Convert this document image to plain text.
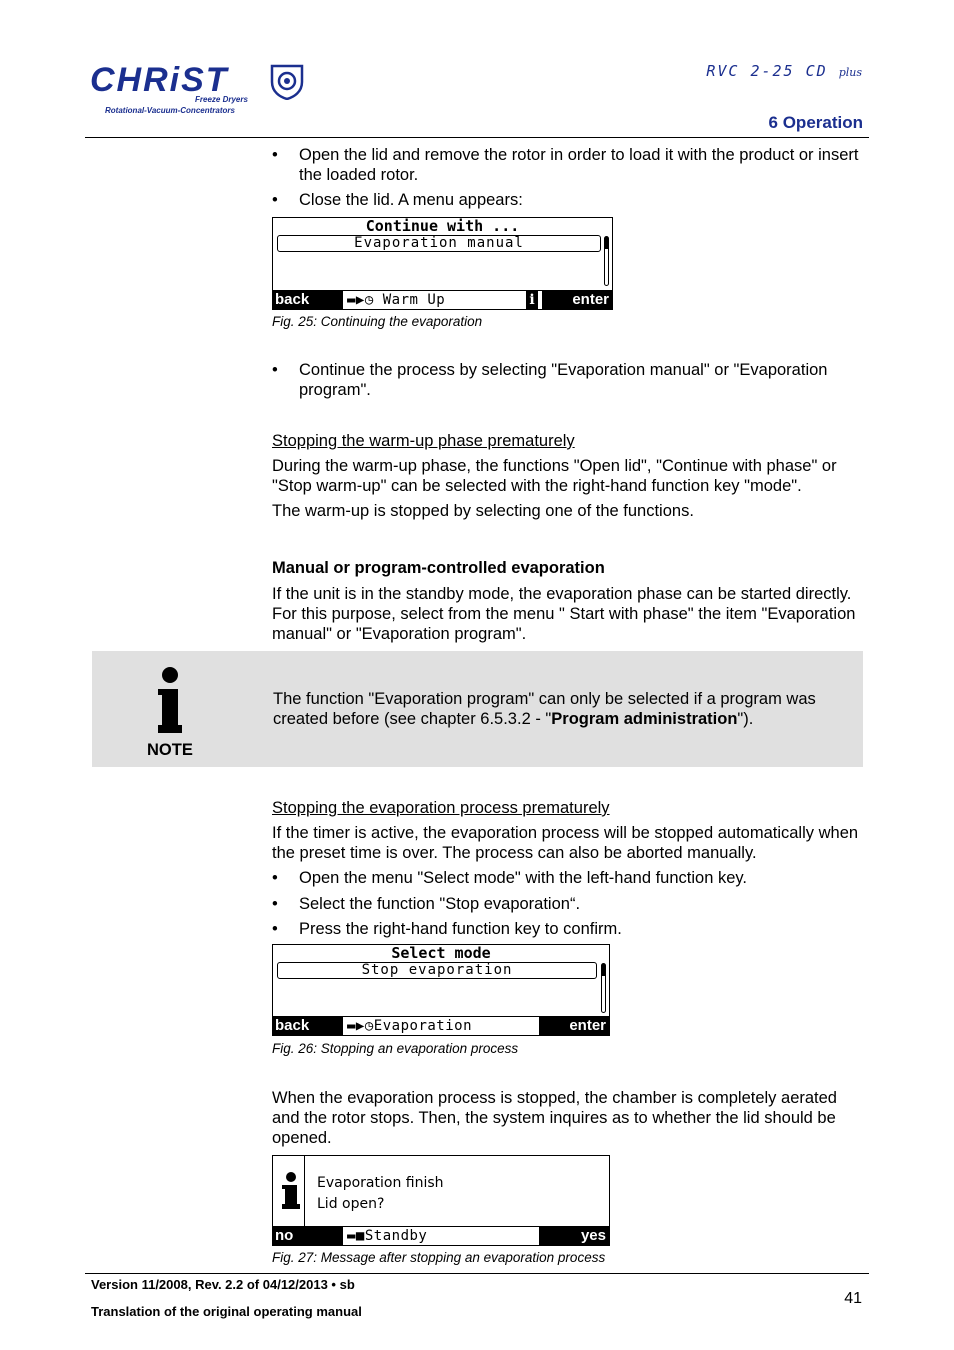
CHRiST
Freeze Dryers
Rotational-Vacuum-Concentrators
RVC 2-25 CD plus
6 Operation
• Open the lid and remove the rotor in order to load it with the product or insert the loaded rotor.
• Close the lid. A menu appears:
Continue with ...
Evaporation manual
back	▬▶◷ Warm Up	i	enter
Fig. 25: Continuing the evaporation
• Continue the process by selecting "Evaporation manual" or "Evaporation program".
Stopping the warm-up phase prematurely
During the warm-up phase, the functions "Open lid", "Continue with phase" or "Stop warm-up" can be selected with the right-hand function key "mode".
The warm-up is stopped by selecting one of the functions.
Manual or program-controlled evaporation
If the unit is in the standby mode, the evaporation phase can be started directly. For this purpose, select from the menu " Start with phase" the item "Evaporation manual" or "Evaporation program".
NOTE
The function "Evaporation program" can only be selected if a program was created before (see chapter 6.5.3.2 - "Program administration").
Stopping the evaporation process prematurely
If the timer is active, the evaporation process will be stopped automatically when the preset time is over. The process can also be aborted manually.
• Open the menu "Select mode" with the left-hand function key.
• Select the function "Stop evaporation“.
• Press the right-hand function key to confirm.
Select mode
Stop evaporation
back	▬▶◷Evaporation	enter
Fig. 26: Stopping an evaporation process
When the evaporation process is stopped, the chamber is completely aerated and the rotor stops. Then, the system inquires as to whether the lid should be opened.
Evaporation finish
Lid open?
no	▬■Standby	yes
Fig. 27: Message after stopping an evaporation process
Version 11/2008, Rev. 2.2 of 04/12/2013 • sb
Translation of the original operating manual
41
